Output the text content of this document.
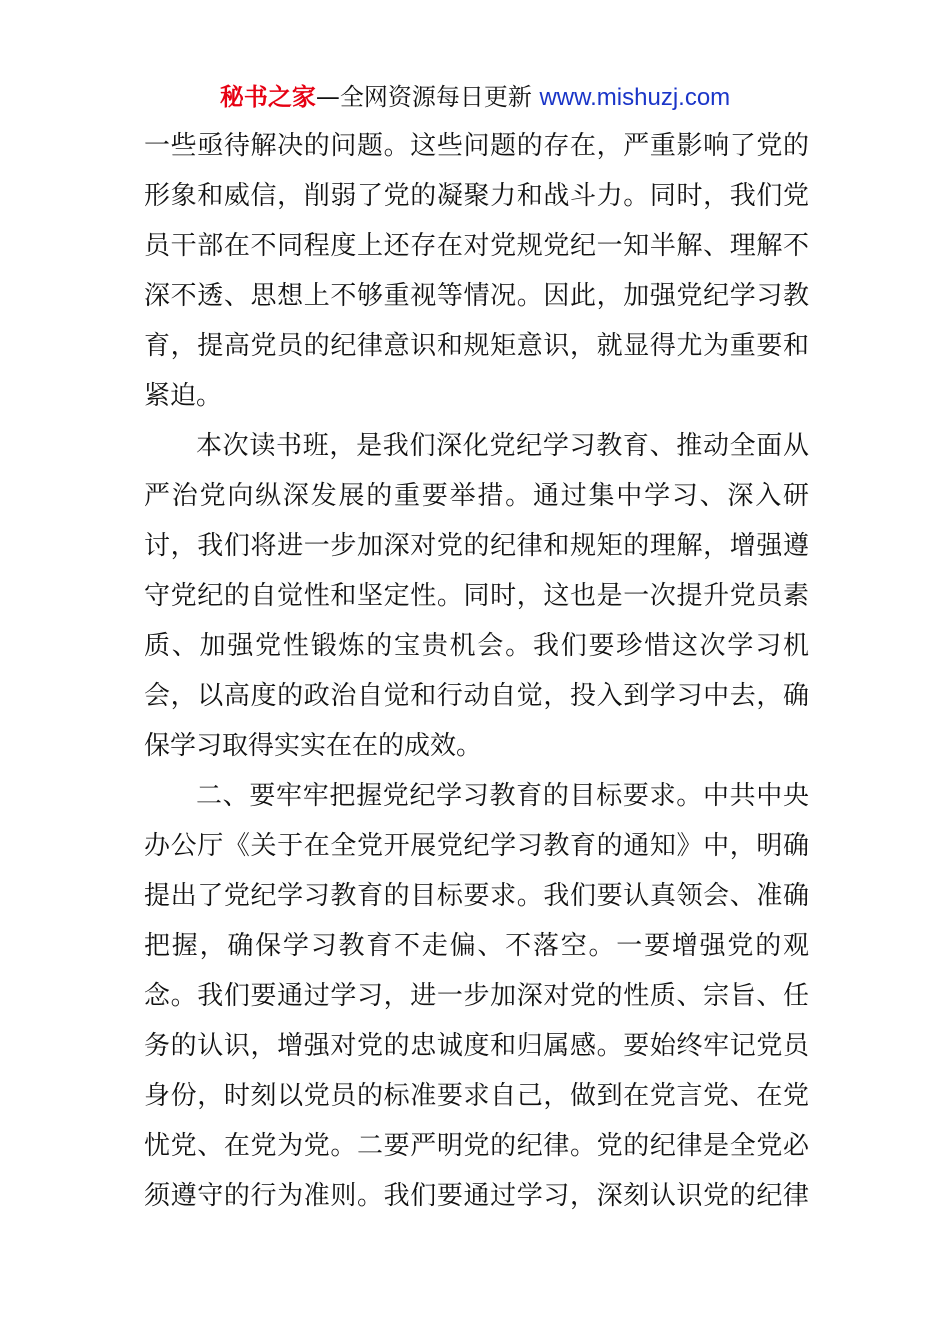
秘书之家—全网资源每日更新 www.mishuzj.com
一些亟待解决的问题。这些问题的存在，严重影响了党的
形象和威信，削弱了党的凝聚力和战斗力。同时，我们党
员干部在不同程度上还存在对党规党纪一知半解、理解不
深不透、思想上不够重视等情况。因此，加强党纪学习教
育，提高党员的纪律意识和规矩意识，就显得尤为重要和
紧迫。
本次读书班，是我们深化党纪学习教育、推动全面从
严治党向纵深发展的重要举措。通过集中学习、深入研
讨，我们将进一步加深对党的纪律和规矩的理解，增强遵
守党纪的自觉性和坚定性。同时，这也是一次提升党员素
质、加强党性锻炼的宝贵机会。我们要珍惜这次学习机
会，以高度的政治自觉和行动自觉，投入到学习中去，确
保学习取得实实在在的成效。
二、要牢牢把握党纪学习教育的目标要求。中共中央
办公厅《关于在全党开展党纪学习教育的通知》中，明确
提出了党纪学习教育的目标要求。我们要认真领会、准确
把握，确保学习教育不走偏、不落空。一要增强党的观
念。我们要通过学习，进一步加深对党的性质、宗旨、任
务的认识，增强对党的忠诚度和归属感。要始终牢记党员
身份，时刻以党员的标准要求自己，做到在党言党、在党
忧党、在党为党。二要严明党的纪律。党的纪律是全党必
须遵守的行为准则。我们要通过学习，深刻认识党的纪律
